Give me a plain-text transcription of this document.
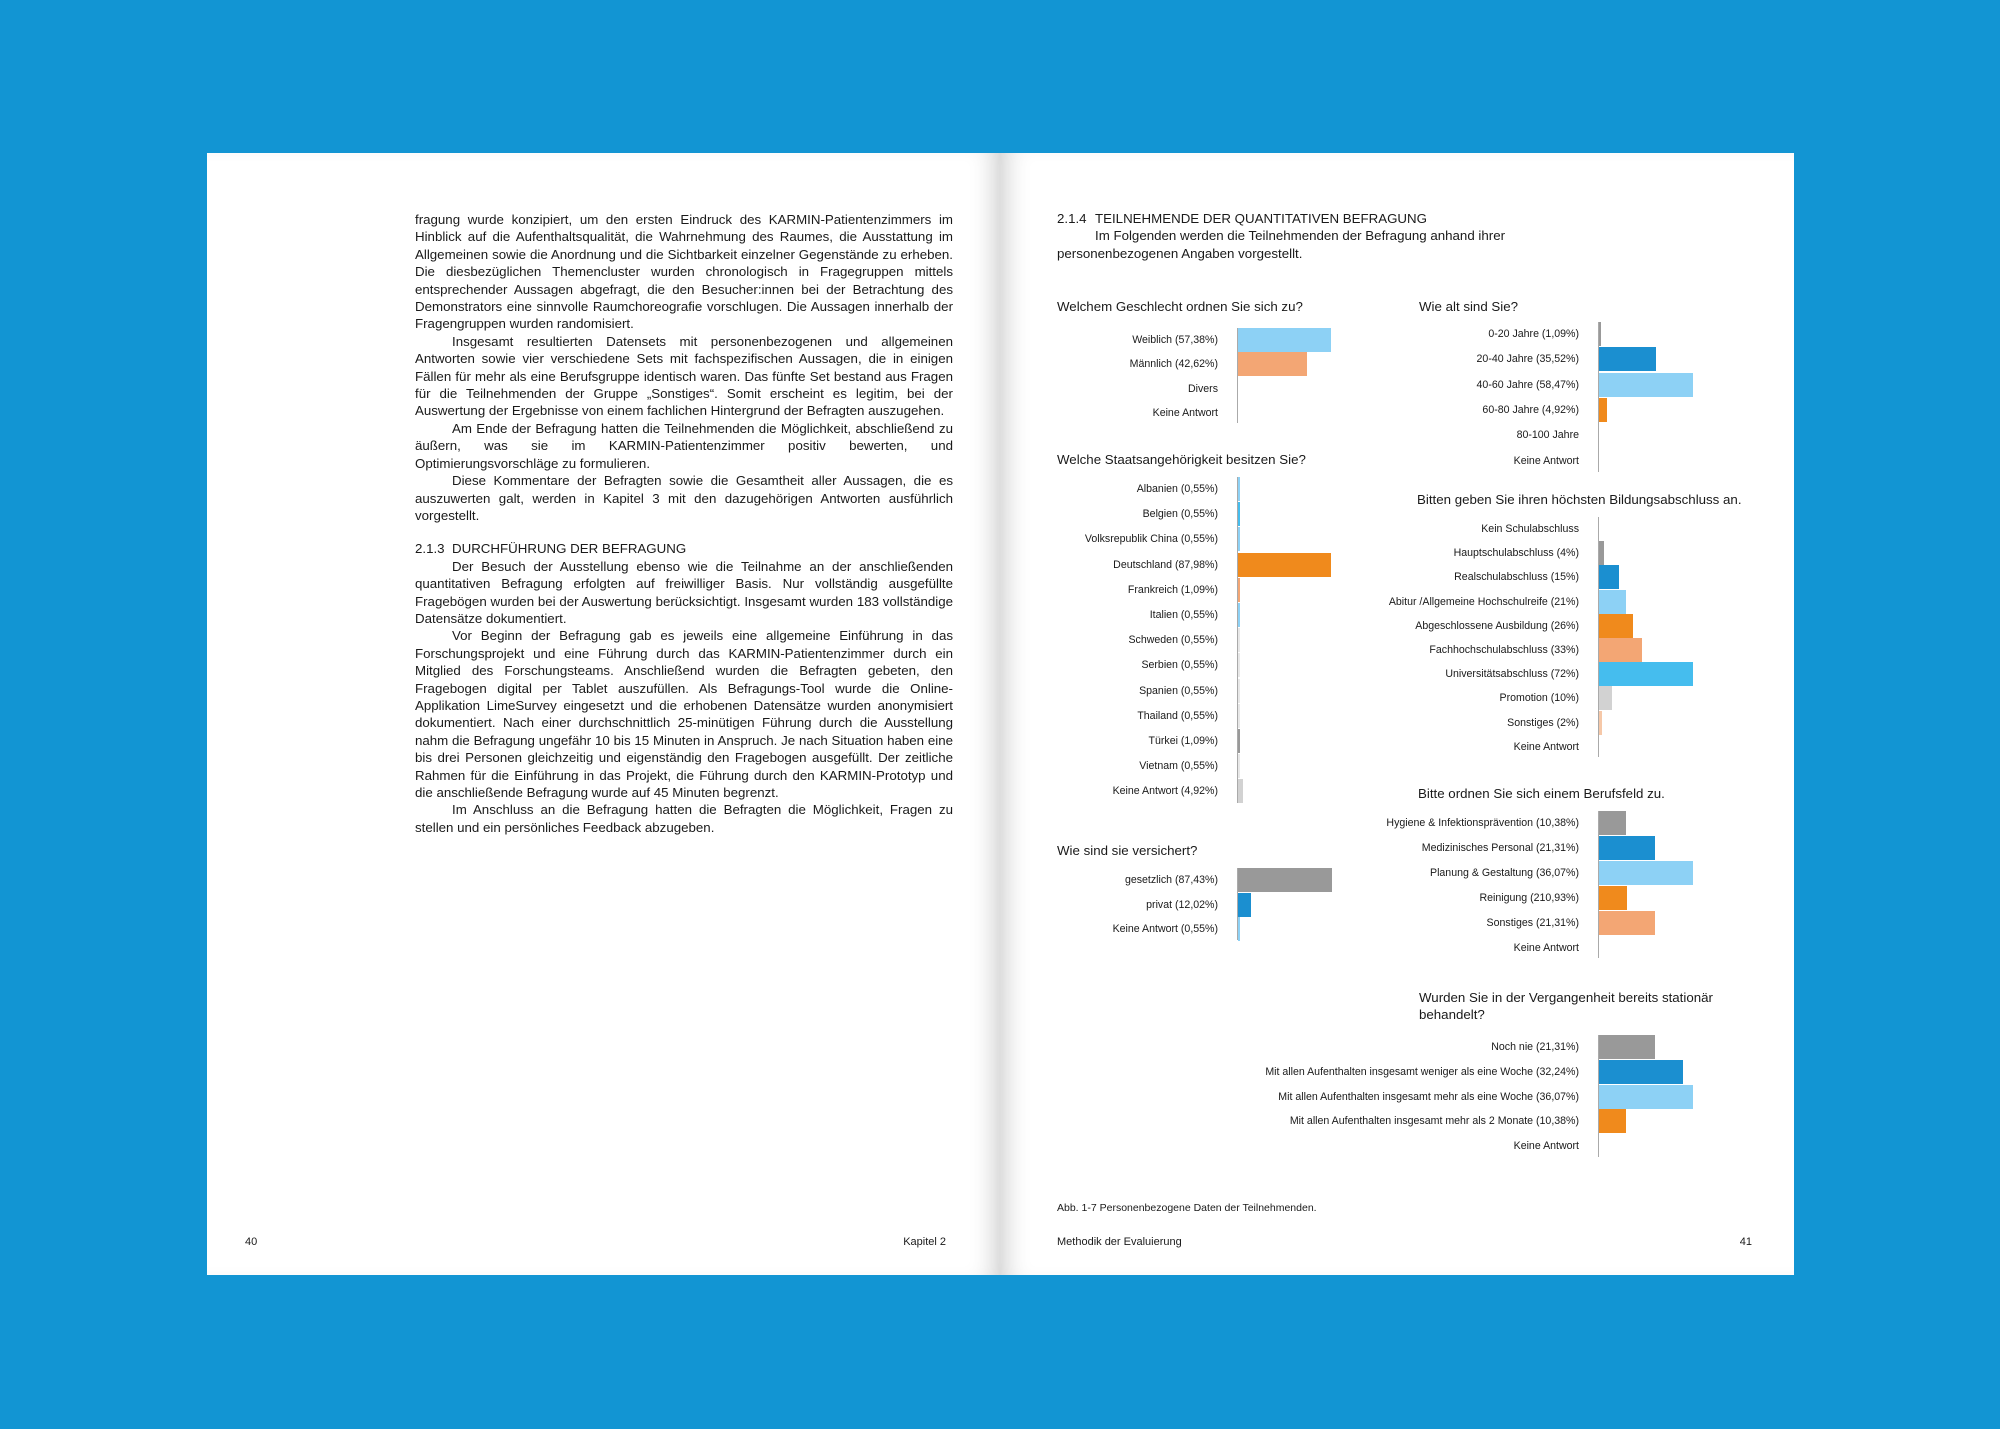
fragung wurde konzipiert, um den ersten Eindruck des KARMIN-Patientenzimmers im Hinblick auf die Aufenthaltsqualität, die Wahrnehmung des Raumes, die Ausstattung im Allgemeinen sowie die Anordnung und die Sichtbarkeit einzelner Gegenstände zu erheben. Die diesbezüglichen Themencluster wurden chronologisch in Fragegruppen mittels entsprechender Aussagen abgefragt, die den Besucher:innen bei der Betrachtung des Demonstrators eine sinnvolle Raumchoreografie vorschlugen. Die Aussagen innerhalb der Fragengruppen wurden randomisiert.

Insgesamt resultierten Datensets mit personenbezogenen und allgemeinen Antworten sowie vier verschiedene Sets mit fachspezifischen Aussagen, die in einigen Fällen für mehr als eine Berufsgruppe identisch waren. Das fünfte Set bestand aus Fragen für die Teilnehmenden der Gruppe „Sonstiges“. Somit erscheint es legitim, bei der Auswertung der Ergebnisse von einem fachlichen Hintergrund der Befragten auszugehen.

Am Ende der Befragung hatten die Teilnehmenden die Möglichkeit, abschließend zu äußern, was sie im KARMIN-Patientenzimmer positiv bewerten, und Optimierungsvorschläge zu formulieren.

Diese Kommentare der Befragten sowie die Gesamtheit aller Aussagen, die es auszuwerten galt, werden in Kapitel 3 mit den dazugehörigen Antworten ausführlich vorgestellt.

2.1.3 DURCHFÜHRUNG DER BEFRAGUNG

Der Besuch der Ausstellung ebenso wie die Teilnahme an der anschließenden quantitativen Befragung erfolgten auf freiwilliger Basis. Nur vollständig ausgefüllte Fragebögen wurden bei der Auswertung berücksichtigt. Insgesamt wurden 183 vollständige Datensätze dokumentiert.

Vor Beginn der Befragung gab es jeweils eine allgemeine Einführung in das Forschungsprojekt und eine Führung durch das KARMIN-Patientenzimmer durch ein Mitglied des Forschungsteams. Anschließend wurden die Befragten gebeten, den Fragebogen digital per Tablet auszufüllen. Als Befragungs-Tool wurde die Online-Applikation LimeSurvey eingesetzt und die erhobenen Datensätze wurden anonymisiert dokumentiert. Nach einer durchschnittlich 25-minütigen Führung durch die Ausstellung nahm die Befragung ungefähr 10 bis 15 Minuten in Anspruch. Je nach Situation haben eine bis drei Personen gleichzeitig und eigenständig den Fragebogen ausgefüllt. Der zeitliche Rahmen für die Einführung in das Projekt, die Führung durch den KARMIN-Prototyp und die anschließende Befragung wurde auf 45 Minuten begrenzt.

Im Anschluss an die Befragung hatten die Befragten die Möglichkeit, Fragen zu stellen und ein persönliches Feedback abzugeben.

40	Kapitel 2
2.1.4 TEILNEHMENDE DER QUANTITATIVEN BEFRAGUNG

Im Folgenden werden die Teilnehmenden der Befragung anhand ihrer personenbezogenen Angaben vorgestellt.

Welchem Geschlecht ordnen Sie sich zu?
Weiblich (57,38%)
Männlich (42,62%)
Divers
Keine Antwort
Wie alt sind Sie?
0-20 Jahre (1,09%)
20-40 Jahre (35,52%)
40-60 Jahre (58,47%)
60-80 Jahre (4,92%)
80-100 Jahre
Keine Antwort
Welche Staatsangehörigkeit besitzen Sie?
Albanien (0,55%)
Belgien (0,55%)
Volksrepublik China (0,55%)
Deutschland (87,98%)
Frankreich (1,09%)
Italien (0,55%)
Schweden (0,55%)
Serbien (0,55%)
Spanien (0,55%)
Thailand (0,55%)
Türkei (1,09%)
Vietnam (0,55%)
Keine Antwort (4,92%)
Bitten geben Sie ihren höchsten Bildungsabschluss an.
Kein Schulabschluss
Hauptschulabschluss (4%)
Realschulabschluss (15%)
Abitur /Allgemeine Hochschulreife (21%)
Abgeschlossene Ausbildung (26%)
Fachhochschulabschluss (33%)
Universitätsabschluss (72%)
Promotion (10%)
Sonstiges (2%)
Keine Antwort
Wie sind sie versichert?
gesetzlich (87,43%)
privat (12,02%)
Keine Antwort (0,55%)
Bitte ordnen Sie sich einem Berufsfeld zu.
Hygiene & Infektionsprävention (10,38%)
Medizinisches Personal (21,31%)
Planung & Gestaltung (36,07%)
Reinigung (210,93%)
Sonstiges (21,31%)
Keine Antwort
Wurden Sie in der Vergangenheit bereits stationär behandelt?
Noch nie (21,31%)
Mit allen Aufenthalten insgesamt weniger als eine Woche (32,24%)
Mit allen Aufenthalten insgesamt mehr als eine Woche (36,07%)
Mit allen Aufenthalten insgesamt mehr als 2 Monate (10,38%)
Keine Antwort
Abb. 1-7 Personenbezogene Daten der Teilnehmenden.
Methodik der Evaluierung	41
